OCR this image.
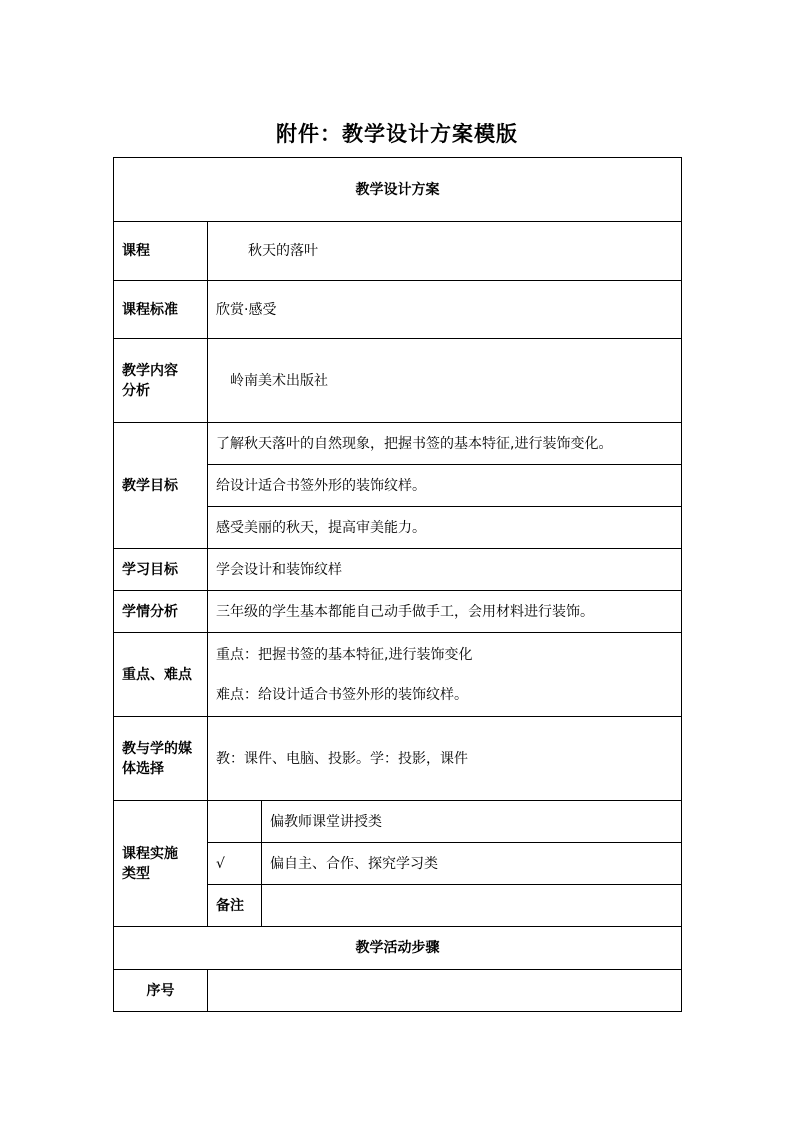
附件：教学设计方案模版
教学设计方案		
课程	秋天的落叶	
课程标准	欣赏·感受	

教学内容
分析	岭南美术出版社	
教学目标	了解秋天落叶的自然现象，把握书签的基本特征,进行装饰变化。	
	给设计适合书签外形的装饰纹样。	
	感受美丽的秋天，提高审美能力。	
学习目标	学会设计和装饰纹样	
学情分析	三年级的学生基本都能自己动手做手工，会用材料进行装饰。	
重点、难点	重点：把握书签的基本特征,进行装饰变化
难点：给设计适合书签外形的装饰纹样。	

教与学的媒
体选择	教：课件、电脑、投影。学：投影，课件	

课程实施
类型		偏教师课堂讲授类
	√	偏自主、合作、探究学习类
	备注	
教学活动步骤		
序号		
